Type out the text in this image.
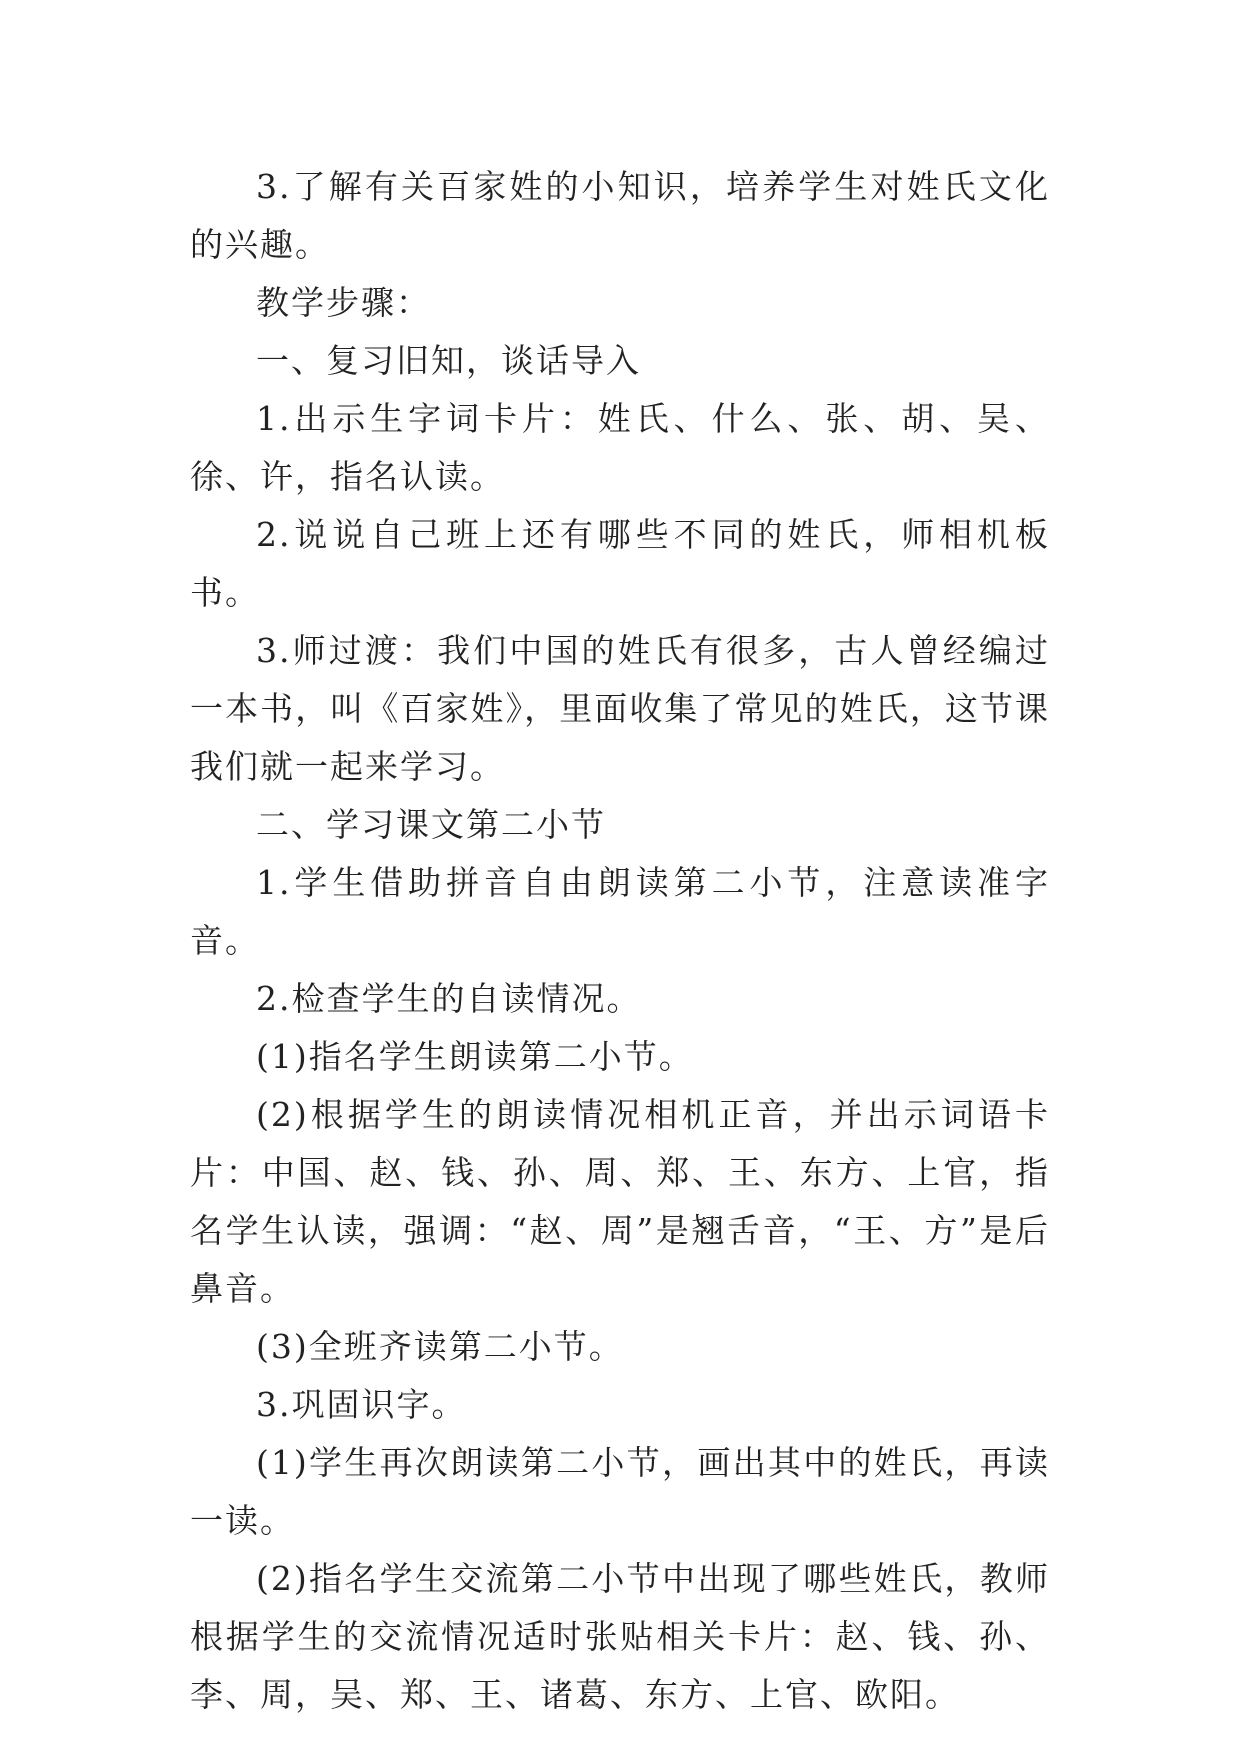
3.了解有关百家姓的小知识，培养学生对姓氏文化的兴趣。

教学步骤：

一、复习旧知，谈话导入

1.出示生字词卡片：姓氏、什么、张、胡、吴、徐、许，指名认读。

2.说说自己班上还有哪些不同的姓氏，师相机板书。

3.师过渡：我们中国的姓氏有很多，古人曾经编过一本书，叫《百家姓》，里面收集了常见的姓氏，这节课我们就一起来学习。

二、学习课文第二小节

1.学生借助拼音自由朗读第二小节，注意读准字音。

2.检查学生的自读情况。

(1)指名学生朗读第二小节。

(2)根据学生的朗读情况相机正音，并出示词语卡片：中国、赵、钱、孙、周、郑、王、东方、上官，指名学生认读，强调：“赵、周”是翘舌音，“王、方”是后鼻音。

(3)全班齐读第二小节。

3.巩固识字。

(1)学生再次朗读第二小节，画出其中的姓氏，再读一读。

(2)指名学生交流第二小节中出现了哪些姓氏，教师根据学生的交流情况适时张贴相关卡片：赵、钱、孙、李、周，吴、郑、王、诸葛、东方、上官、欧阳。
